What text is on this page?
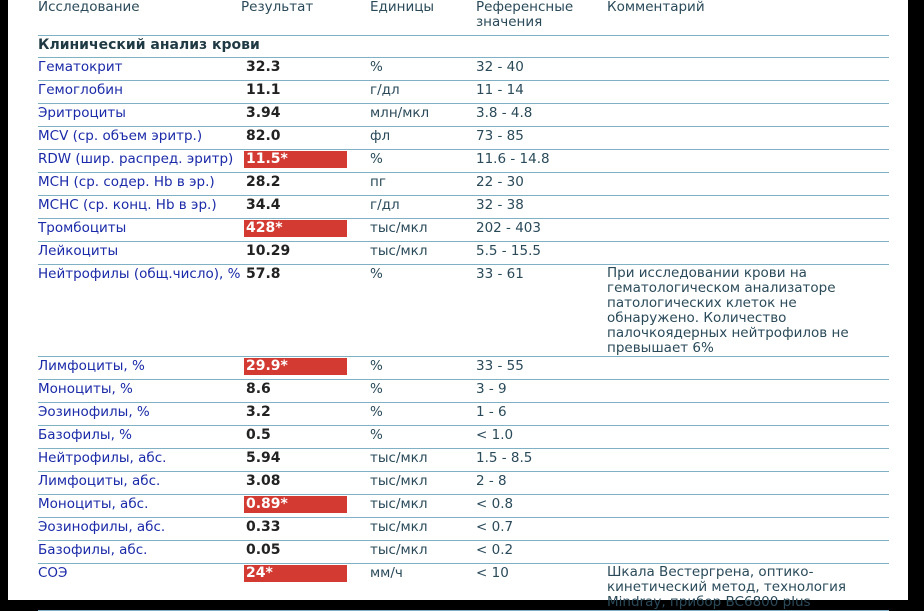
Исследование	Результат	Единицы	Референсные значения	Комментарий
Клинический анализ крови				
Гематокрит	32.3	%	32 - 40	
Гемоглобин	11.1	г/дл	11 - 14	
Эритроциты	3.94	млн/мкл	3.8 - 4.8	
MCV (ср. объем эритр.)	82.0	фл	73 - 85	
RDW (шир. распред. эритр)	11.5*	%	11.6 - 14.8	
MCH (ср. содер. Hb в эр.)	28.2	пг	22 - 30	
MCHC (ср. конц. Hb в эр.)	34.4	г/дл	32 - 38	
Тромбоциты	428*	тыс/мкл	202 - 403	
Лейкоциты	10.29	тыс/мкл	5.5 - 15.5	
Нейтрофилы (общ.число), %	57.8	%	33 - 61	При исследовании крови на гематологическом анализаторе патологических клеток не обнаружено. Количество палочкоядерных нейтрофилов не превышает 6%
Лимфоциты, %	29.9*	%	33 - 55	
Моноциты, %	8.6	%	3 - 9	
Эозинофилы, %	3.2	%	1 - 6	
Базофилы, %	0.5	%	< 1.0	
Нейтрофилы, абс.	5.94	тыс/мкл	1.5 - 8.5	
Лимфоциты, абс.	3.08	тыс/мкл	2 - 8	
Моноциты, абс.	0.89*	тыс/мкл	< 0.8	
Эозинофилы, абс.	0.33	тыс/мкл	< 0.7	
Базофилы, абс.	0.05	тыс/мкл	< 0.2	
СОЭ	24*	мм/ч	< 10	Шкала Вестергрена, оптико-кинетический метод, технология Mindray, прибор BC6800 plus
